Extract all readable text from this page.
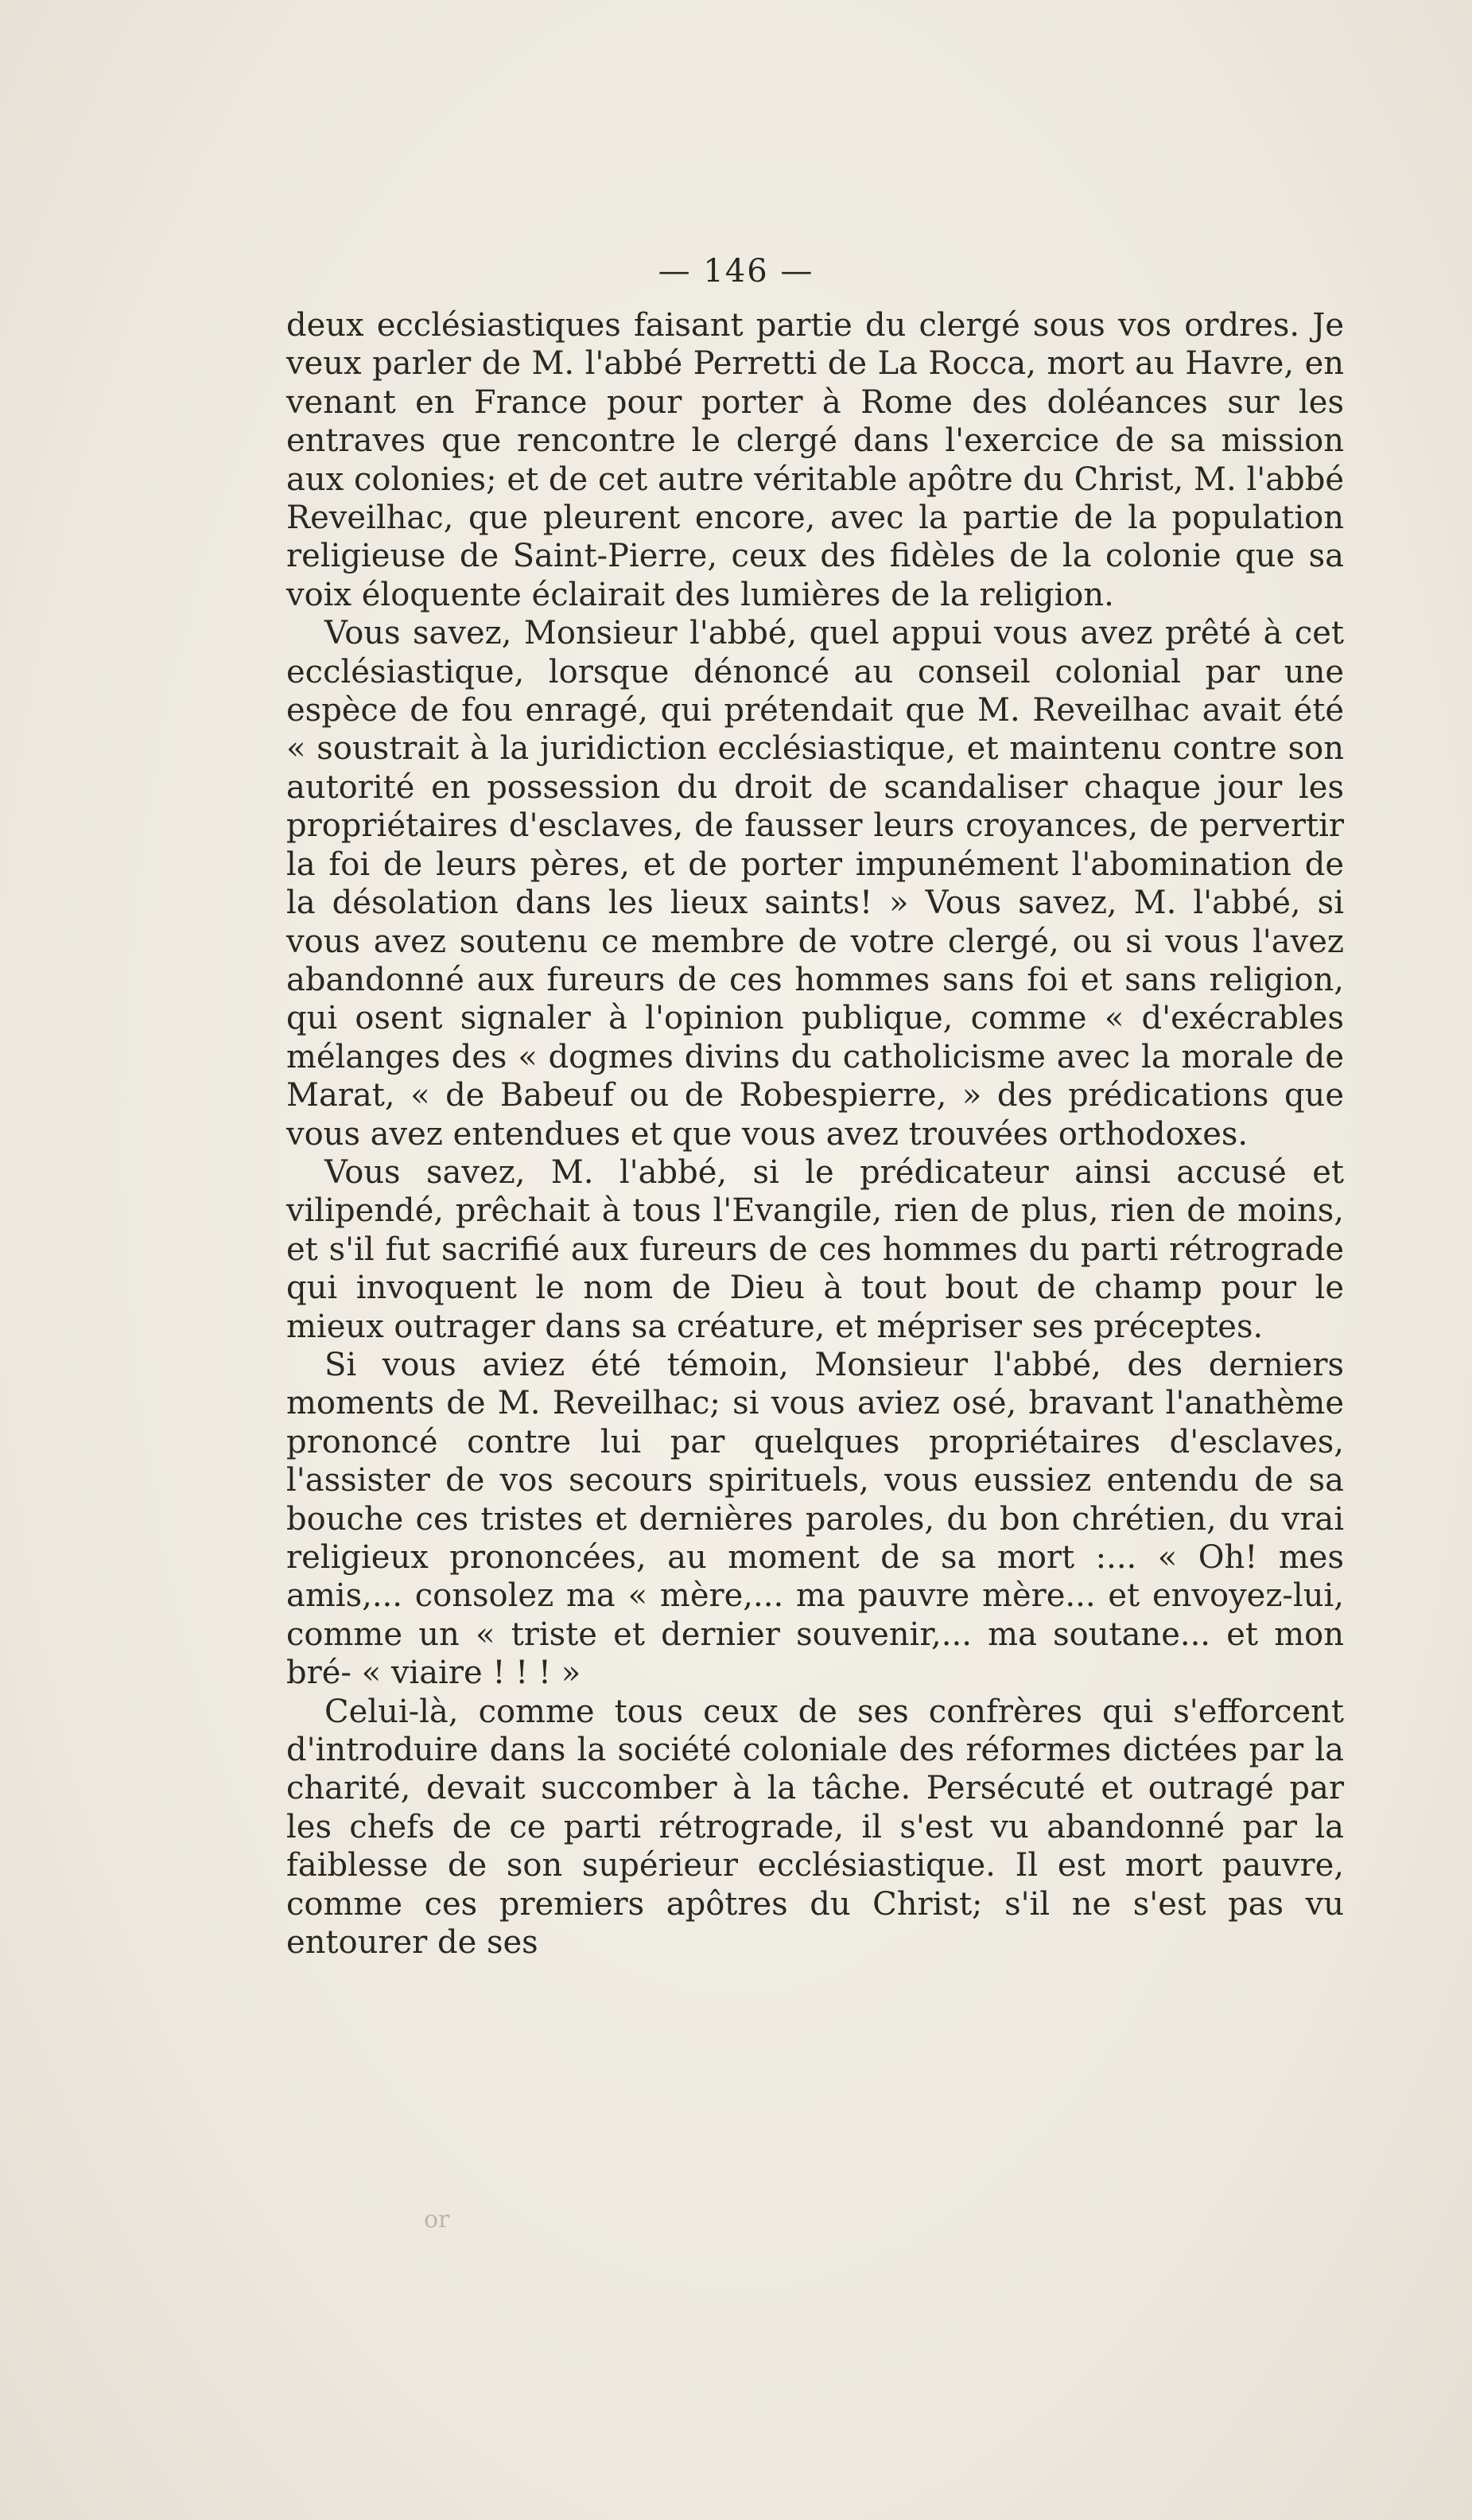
— 146 —

deux ecclésiastiques faisant partie du clergé sous vos ordres. Je veux parler de M. l'abbé Perretti de La Rocca, mort au Havre, en venant en France pour porter à Rome des doléances sur les entraves que rencontre le clergé dans l'exercice de sa mission aux colonies; et de cet autre véritable apôtre du Christ, M. l'abbé Reveilhac, que pleurent encore, avec la partie de la population religieuse de Saint-Pierre, ceux des fidèles de la colonie que sa voix éloquente éclairait des lumières de la religion.

Vous savez, Monsieur l'abbé, quel appui vous avez prêté à cet ecclésiastique, lorsque dénoncé au conseil colonial par une espèce de fou enragé, qui prétendait que M. Reveilhac avait été « soustrait à la juridiction ecclésiastique, et maintenu contre son autorité en possession du droit de scandaliser chaque jour les propriétaires d'esclaves, de fausser leurs croyances, de pervertir la foi de leurs pères, et de porter impunément l'abomination de la désolation dans les lieux saints! » Vous savez, M. l'abbé, si vous avez soutenu ce membre de votre clergé, ou si vous l'avez abandonné aux fureurs de ces hommes sans foi et sans religion, qui osent signaler à l'opinion publique, comme « d'exécrables mélanges des « dogmes divins du catholicisme avec la morale de Marat, « de Babeuf ou de Robespierre, » des prédications que vous avez entendues et que vous avez trouvées orthodoxes.

Vous savez, M. l'abbé, si le prédicateur ainsi accusé et vilipendé, prêchait à tous l'Evangile, rien de plus, rien de moins, et s'il fut sacrifié aux fureurs de ces hommes du parti rétrograde qui invoquent le nom de Dieu à tout bout de champ pour le mieux outrager dans sa créature, et mépriser ses préceptes.

Si vous aviez été témoin, Monsieur l'abbé, des derniers moments de M. Reveilhac; si vous aviez osé, bravant l'anathème prononcé contre lui par quelques propriétaires d'esclaves, l'assister de vos secours spirituels, vous eussiez entendu de sa bouche ces tristes et dernières paroles, du bon chrétien, du vrai religieux prononcées, au moment de sa mort :... « Oh! mes amis,... consolez ma « mère,... ma pauvre mère... et envoyez-lui, comme un « triste et dernier souvenir,... ma soutane... et mon bré- « viaire ! ! ! »

Celui-là, comme tous ceux de ses confrères qui s'efforcent d'introduire dans la société coloniale des réformes dictées par la charité, devait succomber à la tâche. Persécuté et outragé par les chefs de ce parti rétrograde, il s'est vu abandonné par la faiblesse de son supérieur ecclésiastique. Il est mort pauvre, comme ces premiers apôtres du Christ; s'il ne s'est pas vu entourer de ses

or
